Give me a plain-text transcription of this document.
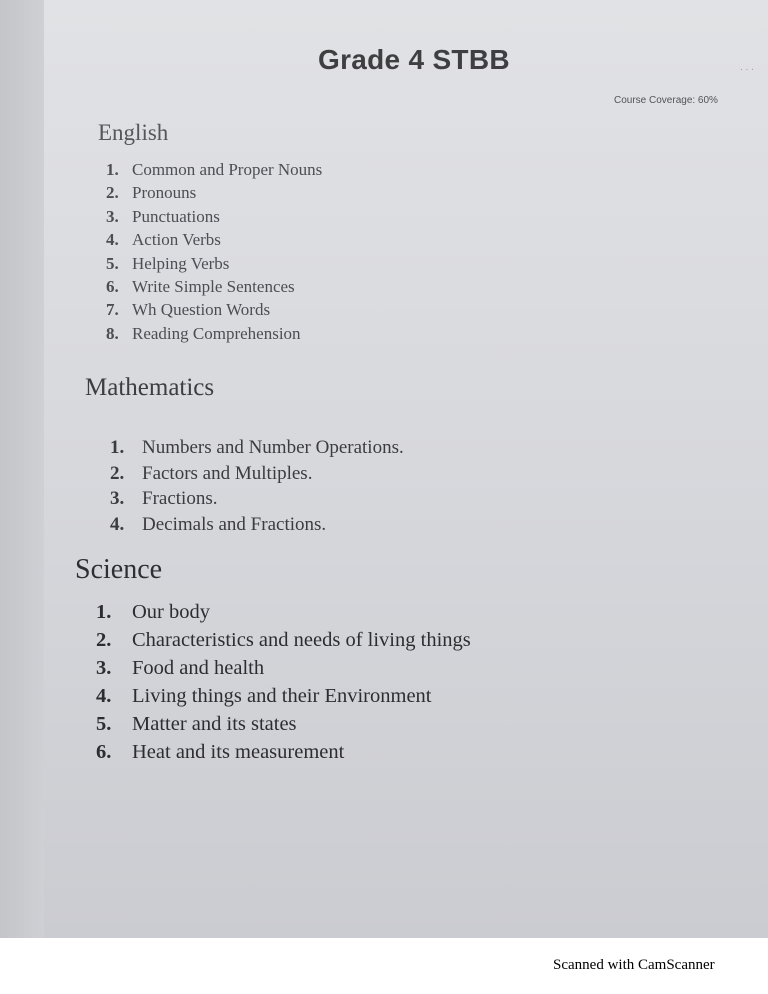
Grade 4 STBB	. . .
Course Coverage: 60%
English
1. Common and Proper Nouns
2. Pronouns
3. Punctuations
4. Action Verbs
5. Helping Verbs
6. Write Simple Sentences
7. Wh Question Words
8. Reading Comprehension
Mathematics
1. Numbers and Number Operations.
2. Factors and Multiples.
3. Fractions.
4. Decimals and Fractions.
Science
1. Our body
2. Characteristics and needs of living things
3. Food and health
4. Living things and their Environment
5. Matter and its states
6. Heat and its measurement
Scanned with CamScanner
